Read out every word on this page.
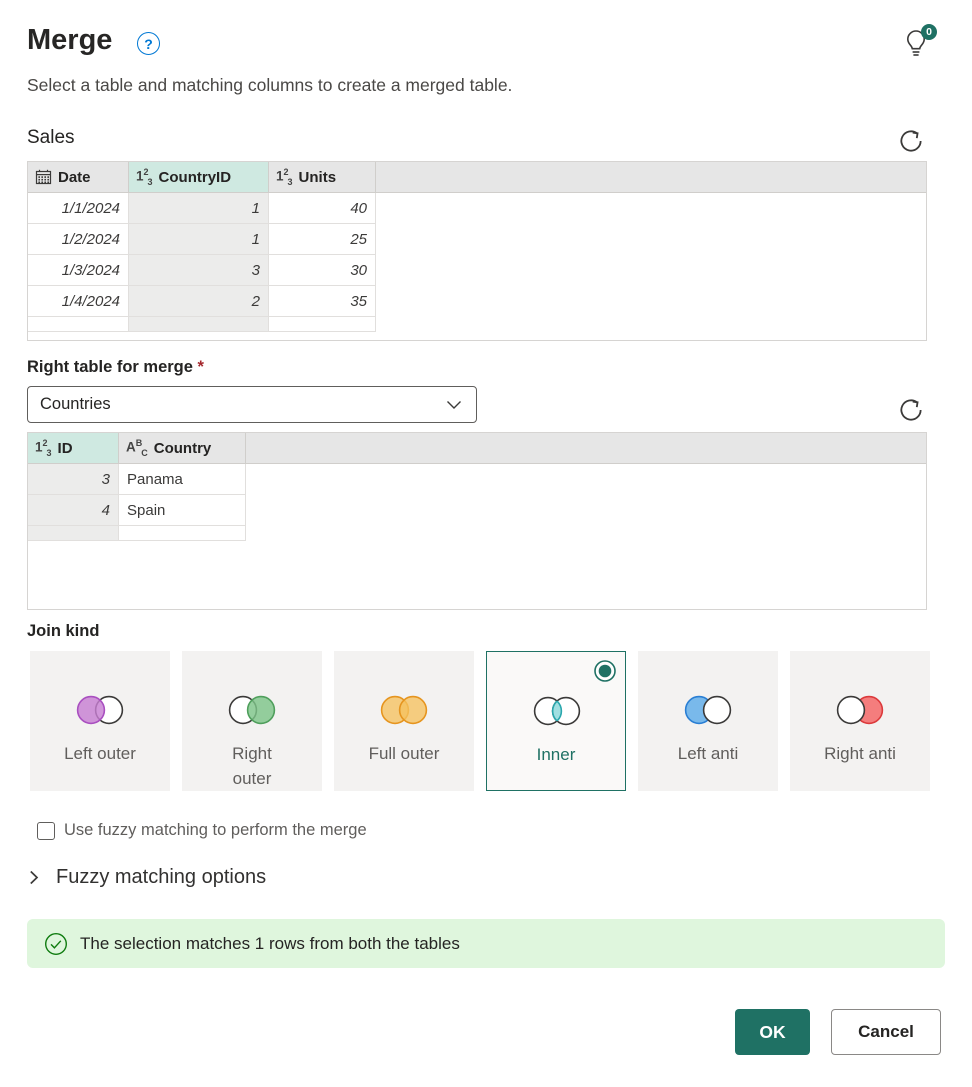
Merge	?
0
Select a table and matching columns to create a merged table.
Sales
Date	$1^2_3$ CountryID	$1^2_3$ Units
1/1/2024	1	40
1/2/2024	1	25
1/3/2024	3	30
1/4/2024	2	35
Right table for merge *
Countries
$1^2_3$ ID	$A^B_C$ Country
3	Panama
4	Spain
Join kind
Left outer	Right outer
Full outer	Inner	Left anti	Right anti
Use fuzzy matching to perform the merge
Fuzzy matching options
The selection matches 1 rows from both the tables
OK	Cancel
